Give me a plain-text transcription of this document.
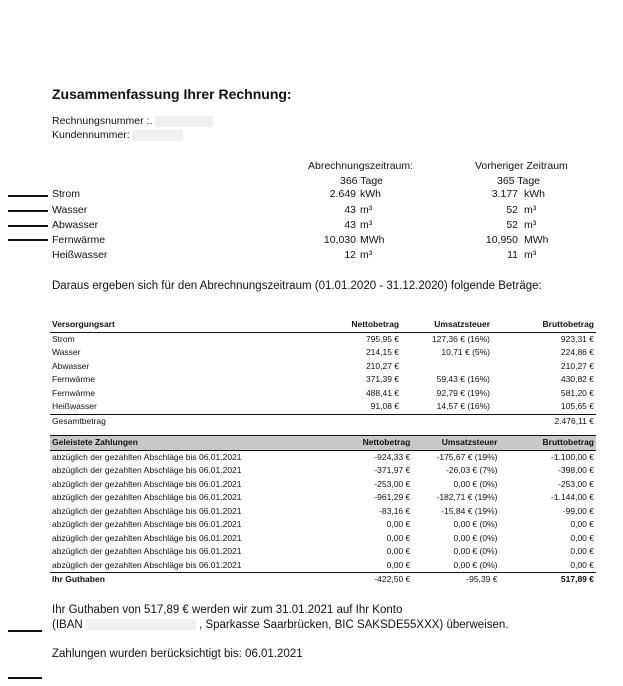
Zusammenfassung Ihrer Rechnung:
Rechnungsnummer :.
Kundennummer:
Abrechnungszeitraum:
366 Tage
Vorheriger Zeitraum
365 Tage
Strom	2.649 kWh	3.177 kWh
Wasser	43 m³	52 m³
Abwasser	43 m³	52 m³
Fernwärme	10,030 MWh	10,950 MWh
Heißwasser	12 m³	11 m³
Daraus ergeben sich für den Abrechnungszeitraum (01.01.2020 - 31.12.2020) folgende Beträge:
Versorgungsart		Nettobetrag	Umsatzsteuer	Bruttobetrag
Strom		795,95 €	127,36 € (16%)	923,31 €
Wasser		214,15 €	10,71 € (5%)	224,86 €
Abwasser		210,27 €		210,27 €
Fernwärme		371,39 €	59,43 € (16%)	430,82 €
Fernwärme		488,41 €	92,79 € (19%)	581,20 €
Heißwasser		91,08 €	14,57 € (16%)	105,65 €
Gesamtbetrag				2.476,11 €
Geleistete Zahlungen		Nettobetrag	Umsatzsteuer	Bruttobetrag
abzüglich der gezahlten Abschläge bis 06.01.2021		-924,33 €	-175,67 € (19%)	-1.100,00 €
abzüglich der gezahlten Abschläge bis 06.01.2021		-371,97 €	-26,03 € (7%)	-398,00 €
abzüglich der gezahlten Abschläge bis 06.01.2021		-253,00 €	0,00 € (0%)	-253,00 €
abzüglich der gezahlten Abschläge bis 06.01.2021		-961,29 €	-182,71 € (19%)	-1.144,00 €
abzüglich der gezahlten Abschläge bis 06.01.2021		-83,16 €	-15,84 € (19%)	-99,00 €
abzüglich der gezahlten Abschläge bis 06.01.2021		0,00 €	0,00 € (0%)	0,00 €
abzüglich der gezahlten Abschläge bis 06.01.2021		0,00 €	0,00 € (0%)	0,00 €
abzüglich der gezahlten Abschläge bis 06.01.2021		0,00 €	0,00 € (0%)	0,00 €
abzüglich der gezahlten Abschläge bis 06.01.2021		0,00 €	0,00 € (0%)	0,00 €
Ihr Guthaben		-422,50 €	-95,39 €	517,89 €
Ihr Guthaben von 517,89 € werden wir zum 31.01.2021 auf Ihr Konto
(IBAN	, Sparkasse Saarbrücken, BIC SAKSDE55XXX) überweisen.
Zahlungen wurden berücksichtigt bis: 06.01.2021
